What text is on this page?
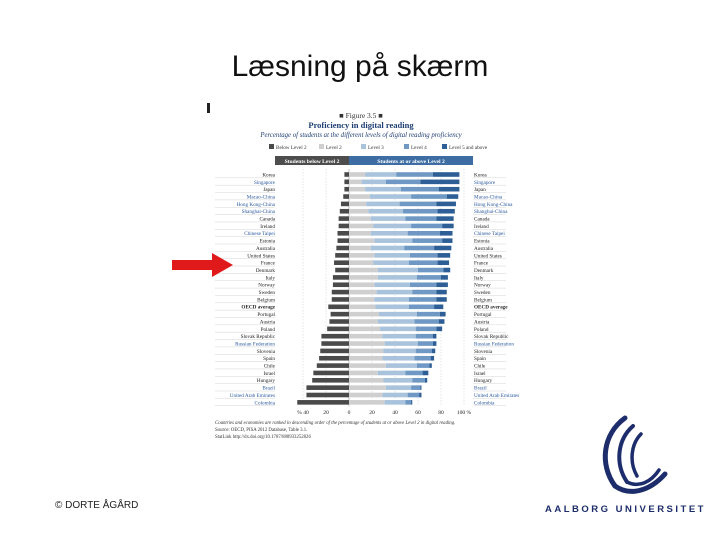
Læsning på skærm
■ Figure 3.5 ■
Proficiency in digital reading
Percentage of students at the different levels of digital reading proficiency
Below Level 2	Level 2	Level 3	Level 4	Level 5 and above
Students below Level 2	Students at or above Level 2
Korea	Korea
Singapore	Singapore
Japan	Japan
Macao-China	Macao-China
Hong Kong-China	Hong Kong-China
Shanghai-China	Shanghai-China
Canada	Canada
Ireland	Ireland
Chinese Taipei	Chinese Taipei
Estonia	Estonia
Australia	Australia
United States	United States
France	France
Denmark	Denmark
Italy	Italy
Norway	Norway
Sweden	Sweden
Belgium	Belgium
OECD average	OECD average
Portugal	Portugal
Austria	Austria
Poland	Poland
Slovak Republic	Slovak Republic
Russian Federation	Russian Federation
Slovenia	Slovenia
Spain	Spain
Chile	Chile
Israel	Israel
Hungary	Hungary
Brazil	Brazil
United Arab Emirates	United Arab Emirates
Colombia	Colombia
% 40	20	0	20	40	60	80 100 %
Countries and economies are ranked in descending order of the percentage of students at or above Level 2 in digital reading.
Source: OECD, PISA 2012 Database, Table 3.1.
StatLink http://dx.doi.org/10.1787/888933252826
© DORTE ÅGÅRD	AALBORG UNIVERSITET
